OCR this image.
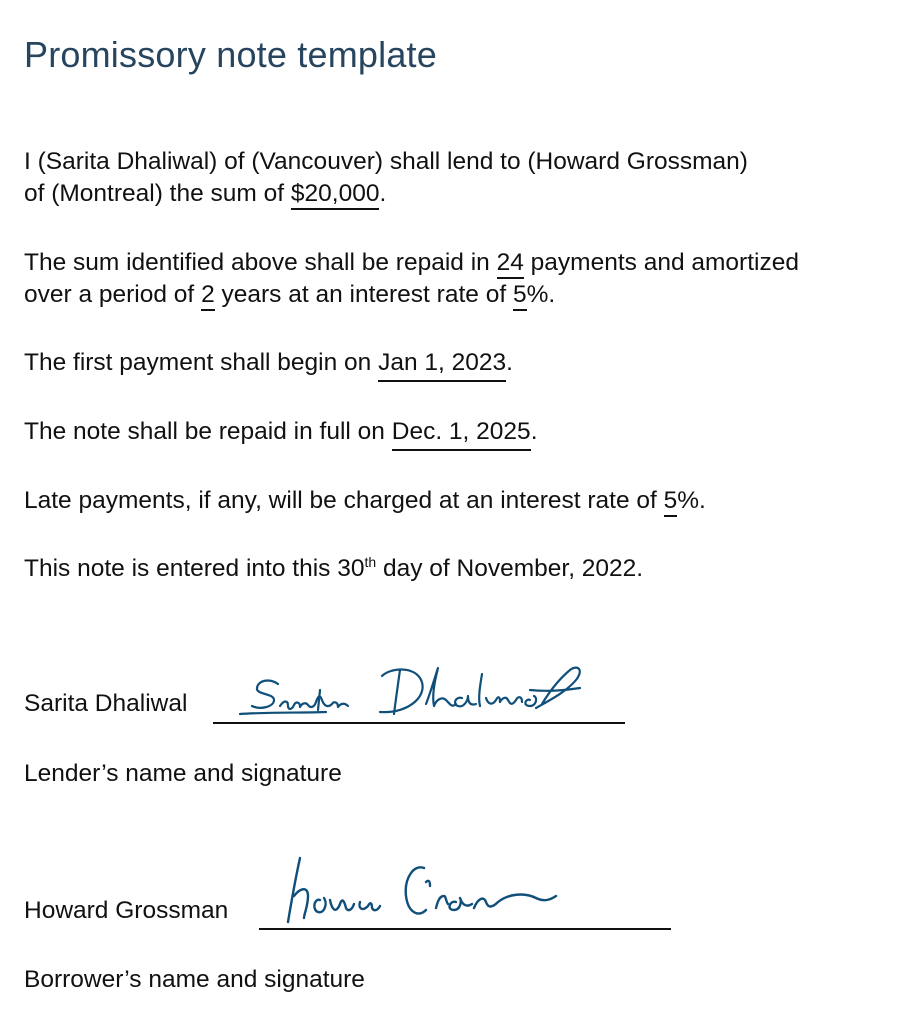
Promissory note template

I (Sarita Dhaliwal) of (Vancouver) shall lend to (Howard Grossman)
of (Montreal) the sum of $20,000.

The sum identified above shall be repaid in 24 payments and amortized
over a period of 2 years at an interest rate of 5%.

The first payment shall begin on Jan 1, 2023.

The note shall be repaid in full on Dec. 1, 2025.

Late payments, if any, will be charged at an interest rate of 5%.

This note is entered into this 30th day of November, 2022.

Sarita Dhaliwal

Lender’s name and signature

Howard Grossman

Borrower’s name and signature
